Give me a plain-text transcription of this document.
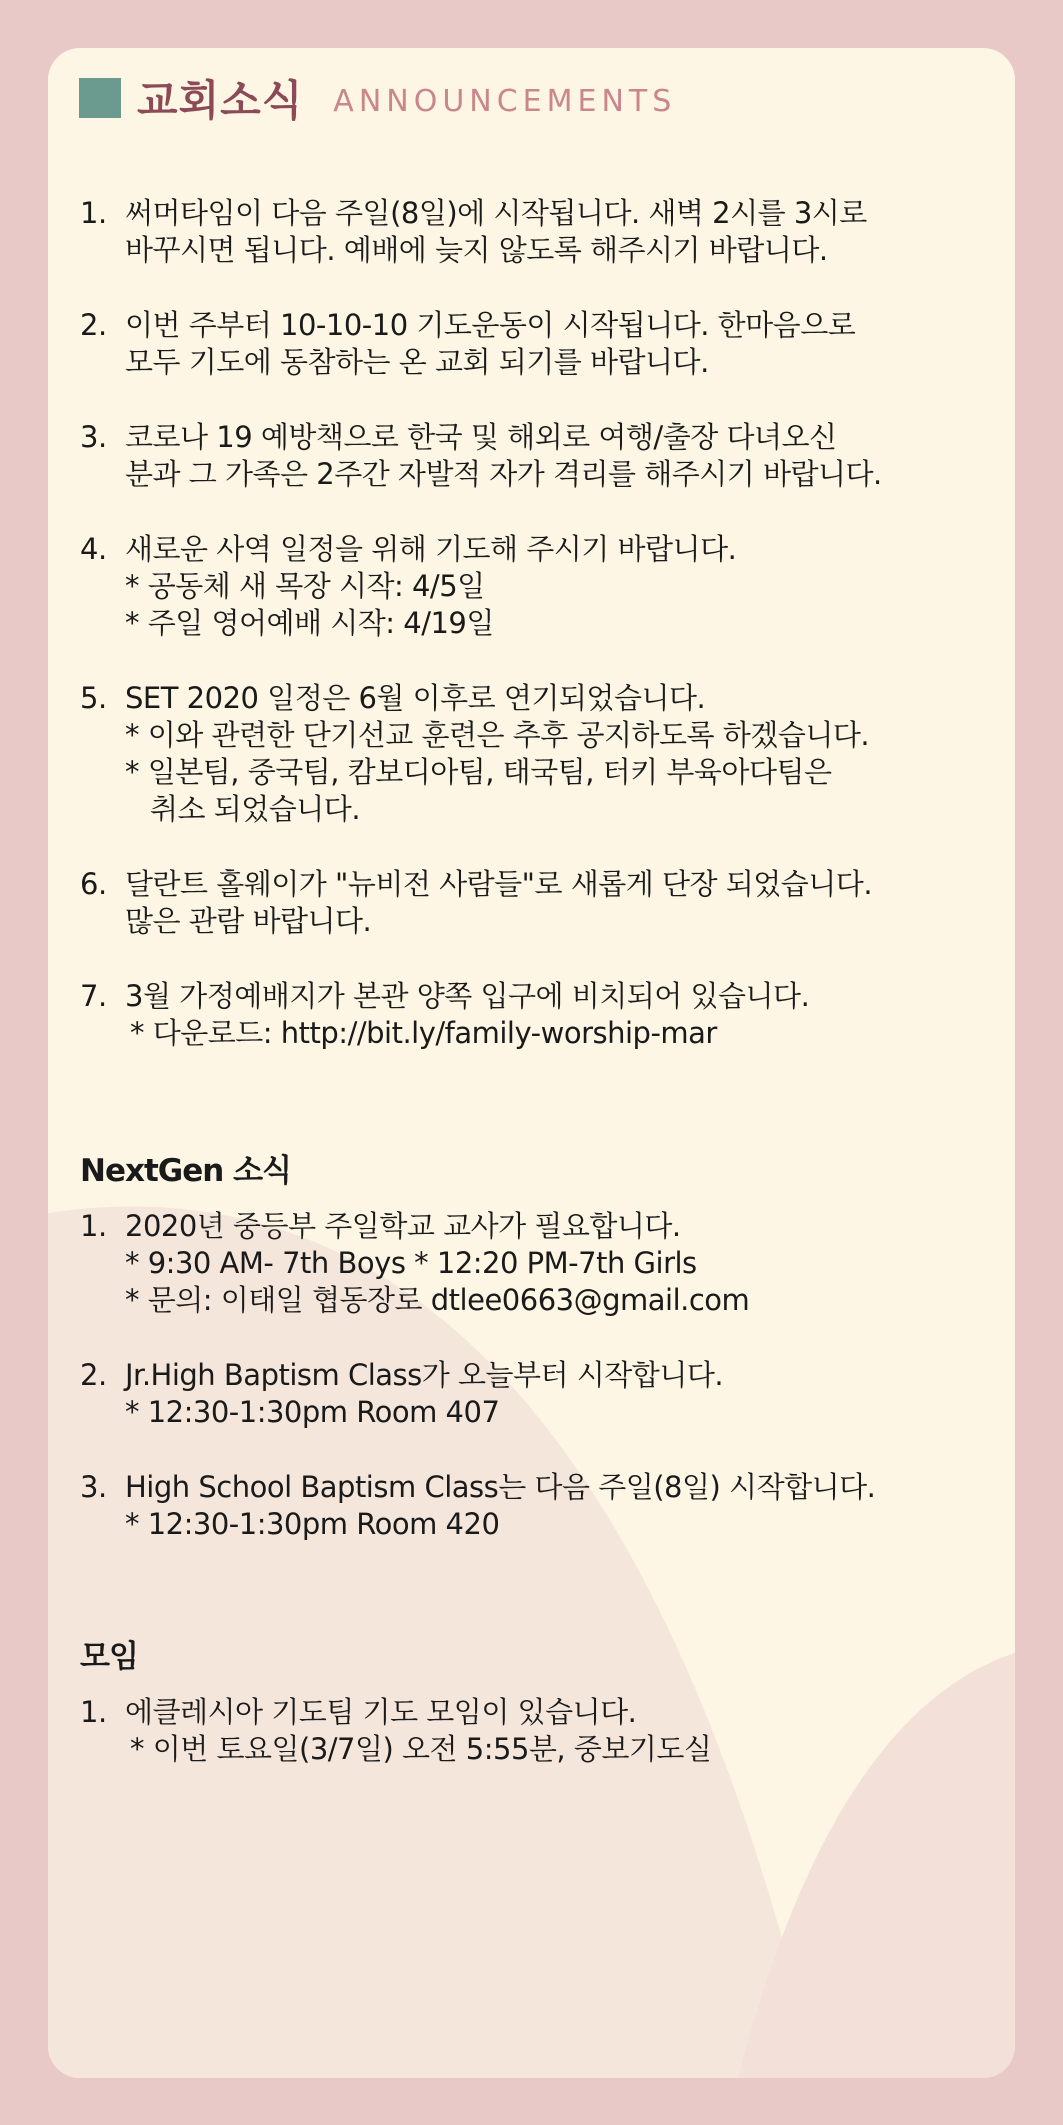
교회소식 ANNOUNCEMENTS
1. 써머타임이 다음 주일(8일)에 시작됩니다. 새벽 2시를 3시로
바꾸시면 됩니다. 예배에 늦지 않도록 해주시기 바랍니다.
2. 이번 주부터 10-10-10 기도운동이 시작됩니다. 한마음으로
모두 기도에 동참하는 온 교회 되기를 바랍니다.
3. 코로나 19 예방책으로 한국 및 해외로 여행/출장 다녀오신
분과 그 가족은 2주간 자발적 자가 격리를 해주시기 바랍니다.
4. 새로운 사역 일정을 위해 기도해 주시기 바랍니다.
* 공동체 새 목장 시작: 4/5일
* 주일 영어예배 시작: 4/19일
5. SET 2020 일정은 6월 이후로 연기되었습니다.
* 이와 관련한 단기선교 훈련은 추후 공지하도록 하겠습니다.
* 일본팀, 중국팀, 캄보디아팀, 태국팀, 터키 부육아다팀은
취소 되었습니다.
6. 달란트 홀웨이가 "뉴비전 사람들"로 새롭게 단장 되었습니다.
많은 관람 바랍니다.
7. 3월 가정예배지가 본관 양쪽 입구에 비치되어 있습니다.
* 다운로드: http://bit.ly/family-worship-mar
NextGen 소식
1. 2020년 중등부 주일학교 교사가 필요합니다.
* 9:30 AM- 7th Boys * 12:20 PM-7th Girls
* 문의: 이태일 협동장로 dtlee0663@gmail.com
2. Jr.High Baptism Class가 오늘부터 시작합니다.
* 12:30-1:30pm Room 407
3. High School Baptism Class는 다음 주일(8일) 시작합니다.
* 12:30-1:30pm Room 420
모임
1. 에클레시아 기도팀 기도 모임이 있습니다.
* 이번 토요일(3/7일) 오전 5:55분, 중보기도실
